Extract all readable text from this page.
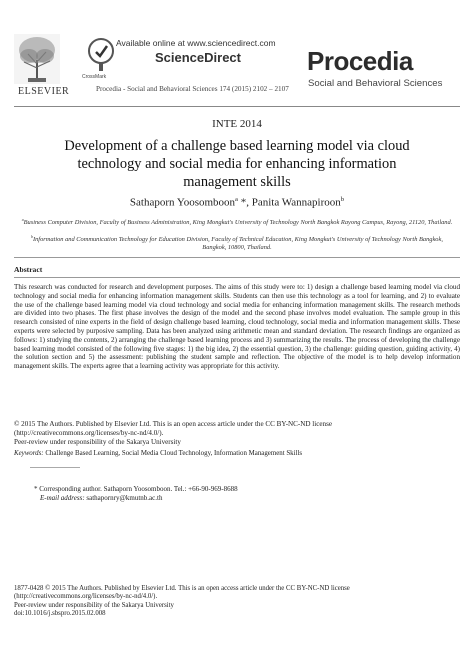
ELSEVIER
CrossMark
Available online at www.sciencedirect.com
ScienceDirect
Procedia - Social and Behavioral Sciences 174 (2015) 2102 – 2107
Procedia
Social and Behavioral Sciences
INTE 2014
Development of a challenge based learning model via cloud technology and social media for enhancing information management skills
Sathaporn Yoosomboon$^a$ *, Panita Wannapiroon$^b$
$^a$Business Computer Division, Faculty of Business Administration, King Mongkut's University of Technology North Bangkok Rayong Campus, Rayong, 21120, Thailand.
$^b$Information and Communication Technology for Education Division, Faculty of Technical Education, King Mongkut's University of Technology North Bangkok, Bangkok, 10800, Thailand.
Abstract
This research was conducted for research and development purposes. The aims of this study were to: 1) design a challenge based learning model via cloud technology and social media for enhancing information management skills. Students can then use this technology as a tool for learning, and 2) to evaluate the use of the challenge based learning model via cloud technology and social media for enhancing information management skills. The research methods are divided into two phases. The first phase involves the design of the model and the second phase involves model evaluation. The sample group in this research consisted of nine experts in the field of design challenge based learning, cloud technology, social media and information management skills. These experts were selected by purposive sampling. Data has been analyzed using arithmetic mean and standard deviation. The research findings are organized as follows: 1) studying the contents, 2) arranging the challenge based learning process and 3) summarizing the results. The process of developing the challenge based learning model consisted of the following five stages: 1) the big idea, 2) the essential question, 3) the challenge: guiding question, guiding activity, 4) the solution section and 5) the assessment: publishing the student sample and reflection. The objective of the model is to help develop information management skills. The experts agree that a learning activity was appropriate for this activity.
© 2015 The Authors. Published by Elsevier Ltd. This is an open access article under the CC BY-NC-ND license
(http://creativecommons.org/licenses/by-nc-nd/4.0/).
Peer-review under responsibility of the Sakarya University
Keywords: Challenge Based Learning, Social Media Cloud Technology, Information Management Skills
* Corresponding author. Sathaporn Yoosomboon. Tel.: +66-90-969-8688
E-mail address: sathapornry@kmutnb.ac.th
1877-0428 © 2015 The Authors. Published by Elsevier Ltd. This is an open access article under the CC BY-NC-ND license
(http://creativecommons.org/licenses/by-nc-nd/4.0/).
Peer-review under responsibility of the Sakarya University
doi:10.1016/j.sbspro.2015.02.008
